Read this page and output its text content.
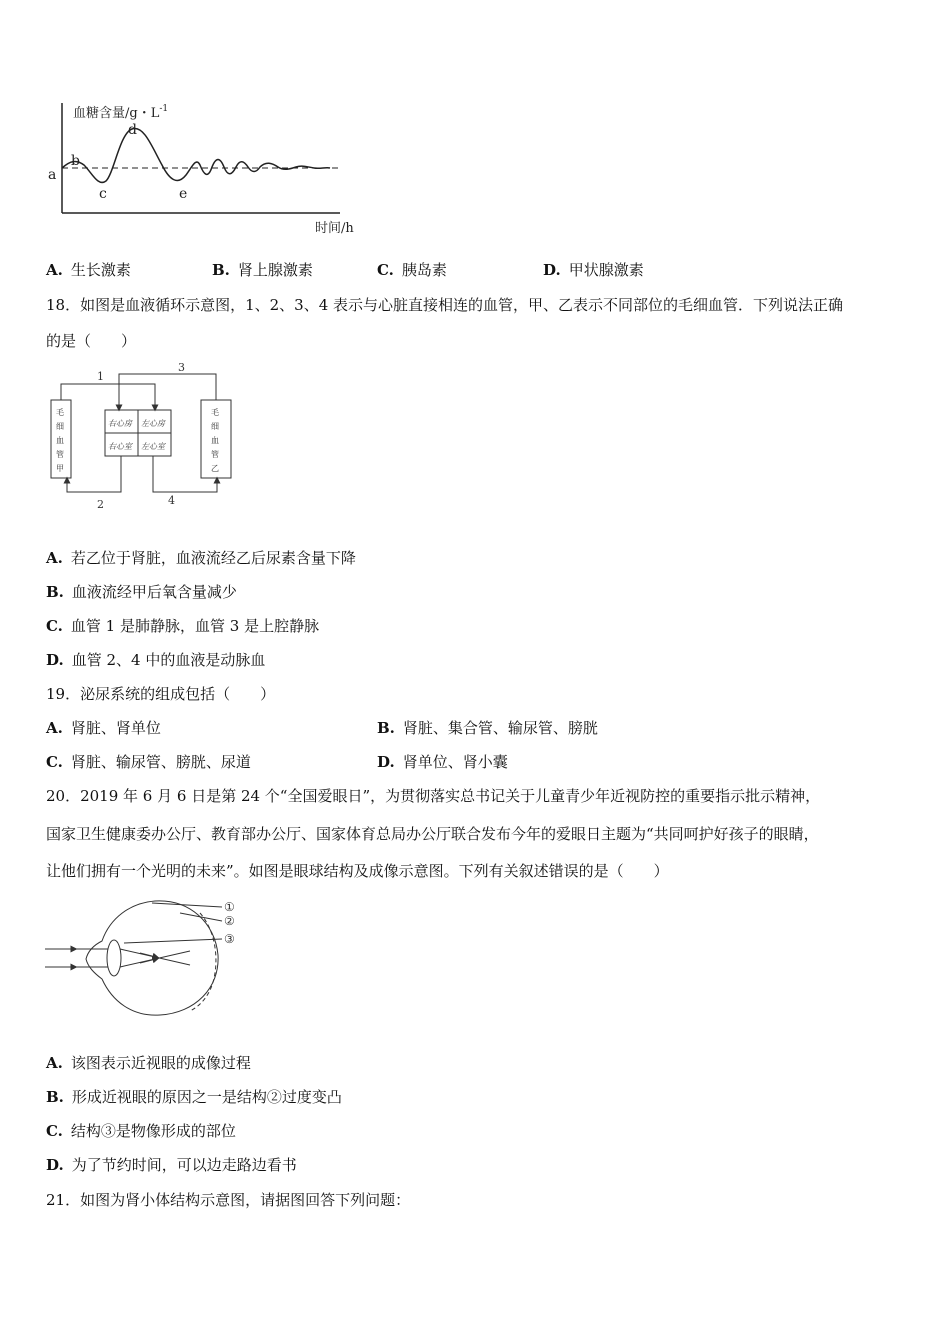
血糖含量/g・$L^{-1}$
a
b
c
d
e
时间/h
A. 生长激素	B. 肾上腺激素	C. 胰岛素	D. 甲状腺激素
18．如图是血液循环示意图，1、2、3、4 表示与心脏直接相连的血管，甲、乙表示不同部位的毛细血管．下列说法正确
的是（　　）
毛
细
血
管
甲
毛
细
血
管
乙
右心房 左心房
右心室 左心室
1
3
2	4
A. 若乙位于肾脏，血液流经乙后尿素含量下降
B. 血液流经甲后氧含量减少
C. 血管 1 是肺静脉，血管 3 是上腔静脉
D. 血管 2、4 中的血液是动脉血
19．泌尿系统的组成包括（　　）
A. 肾脏、肾单位	B. 肾脏、集合管、输尿管、膀胱
C. 肾脏、输尿管、膀胱、尿道	D. 肾单位、肾小囊
20．2019 年 6 月 6 日是第 24 个“全国爱眼日”，为贯彻落实总书记关于儿童青少年近视防控的重要指示批示精神，
国家卫生健康委办公厅、教育部办公厅、国家体育总局办公厅联合发布今年的爱眼日主题为“共同呵护好孩子的眼睛，
让他们拥有一个光明的未来”。如图是眼球结构及成像示意图。下列有关叙述错误的是（　　）
①
②
③
A. 该图表示近视眼的成像过程
B. 形成近视眼的原因之一是结构②过度变凸
C. 结构③是物像形成的部位
D. 为了节约时间，可以边走路边看书
21．如图为肾小体结构示意图，请据图回答下列问题：
